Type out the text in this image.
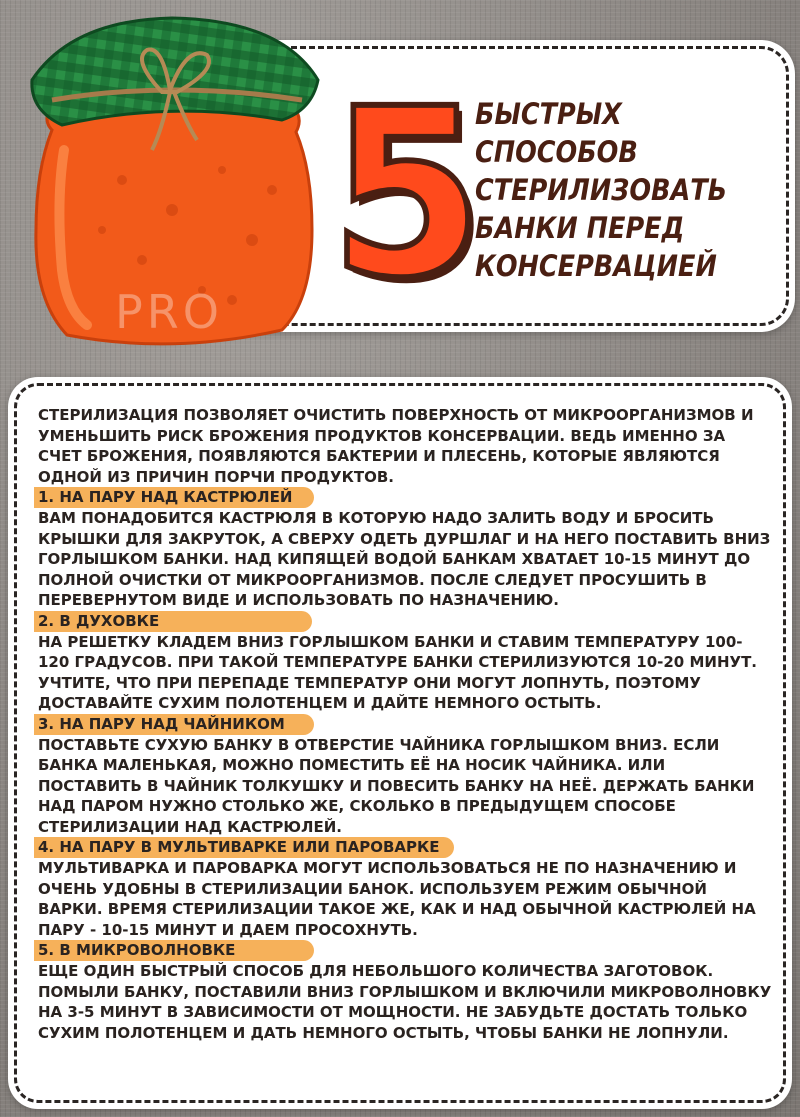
5
БЫСТРЫХ
СПОСОБОВ
СТЕРИЛИЗОВАТЬ
БАНКИ ПЕРЕД
КОНСЕРВАЦИЕЙ
PRO

СТЕРИЛИЗАЦИЯ ПОЗВОЛЯЕТ ОЧИСТИТЬ ПОВЕРХНОСТЬ ОТ МИКРООРГАНИЗМОВ И УМЕНЬШИТЬ РИСК БРОЖЕНИЯ ПРОДУКТОВ КОНСЕРВАЦИИ. ВЕДЬ ИМЕННО ЗА СЧЕТ БРОЖЕНИЯ, ПОЯВЛЯЮТСЯ БАКТЕРИИ И ПЛЕСЕНЬ, КОТОРЫЕ ЯВЛЯЮТСЯ ОДНОЙ ИЗ ПРИЧИН ПОРЧИ ПРОДУКТОВ.

1. НА ПАРУ НАД КАСТРЮЛЕЙ

ВАМ ПОНАДОБИТСЯ КАСТРЮЛЯ В КОТОРУЮ НАДО ЗАЛИТЬ ВОДУ И БРОСИТЬ КРЫШКИ ДЛЯ ЗАКРУТОК, А СВЕРХУ ОДЕТЬ ДУРШЛАГ И НА НЕГО ПОСТАВИТЬ ВНИЗ ГОРЛЫШКОМ БАНКИ. НАД КИПЯЩЕЙ ВОДОЙ БАНКАМ ХВАТАЕТ 10-15 МИНУТ ДО ПОЛНОЙ ОЧИСТКИ ОТ МИКРООРГАНИЗМОВ. ПОСЛЕ СЛЕДУЕТ ПРОСУШИТЬ В ПЕРЕВЕРНУТОМ ВИДЕ И ИСПОЛЬЗОВАТЬ ПО НАЗНАЧЕНИЮ.

2. В ДУХОВКЕ

НА РЕШЕТКУ КЛАДЕМ ВНИЗ ГОРЛЫШКОМ БАНКИ И СТАВИМ ТЕМПЕРАТУРУ 100-120 ГРАДУСОВ. ПРИ ТАКОЙ ТЕМПЕРАТУРЕ БАНКИ СТЕРИЛИЗУЮТСЯ 10-20 МИНУТ. УЧТИТЕ, ЧТО ПРИ ПЕРЕПАДЕ ТЕМПЕРАТУР ОНИ МОГУТ ЛОПНУТЬ, ПОЭТОМУ ДОСТАВАЙТЕ СУХИМ ПОЛОТЕНЦЕМ И ДАЙТЕ НЕМНОГО ОСТЫТЬ.

3. НА ПАРУ НАД ЧАЙНИКОМ

ПОСТАВЬТЕ СУХУЮ БАНКУ В ОТВЕРСТИЕ ЧАЙНИКА ГОРЛЫШКОМ ВНИЗ. ЕСЛИ БАНКА МАЛЕНЬКАЯ, МОЖНО ПОМЕСТИТЬ ЕЁ НА НОСИК ЧАЙНИКА. ИЛИ ПОСТАВИТЬ В ЧАЙНИК ТОЛКУШКУ И ПОВЕСИТЬ БАНКУ НА НЕЁ. ДЕРЖАТЬ БАНКИ НАД ПАРОМ НУЖНО СТОЛЬКО ЖЕ, СКОЛЬКО В ПРЕДЫДУЩЕМ СПОСОБЕ СТЕРИЛИЗАЦИИ НАД КАСТРЮЛЕЙ.

4. НА ПАРУ В МУЛЬТИВАРКЕ ИЛИ ПАРОВАРКЕ

МУЛЬТИВАРКА И ПАРОВАРКА МОГУТ ИСПОЛЬЗОВАТЬСЯ НЕ ПО НАЗНАЧЕНИЮ И ОЧЕНЬ УДОБНЫ В СТЕРИЛИЗАЦИИ БАНОК. ИСПОЛЬЗУЕМ РЕЖИМ ОБЫЧНОЙ ВАРКИ. ВРЕМЯ СТЕРИЛИЗАЦИИ ТАКОЕ ЖЕ, КАК И НАД ОБЫЧНОЙ КАСТРЮЛЕЙ НА ПАРУ - 10-15 МИНУТ И ДАЕМ ПРОСОХНУТЬ.

5. В МИКРОВОЛНОВКЕ

ЕЩЕ ОДИН БЫСТРЫЙ СПОСОБ ДЛЯ НЕБОЛЬШОГО КОЛИЧЕСТВА ЗАГОТОВОК. ПОМЫЛИ БАНКУ, ПОСТАВИЛИ ВНИЗ ГОРЛЫШКОМ И ВКЛЮЧИЛИ МИКРОВОЛНОВКУ НА 3-5 МИНУТ В ЗАВИСИМОСТИ ОТ МОЩНОСТИ. НЕ ЗАБУДЬТЕ ДОСТАТЬ ТОЛЬКО СУХИМ ПОЛОТЕНЦЕМ И ДАТЬ НЕМНОГО ОСТЫТЬ, ЧТОБЫ БАНКИ НЕ ЛОПНУЛИ.
